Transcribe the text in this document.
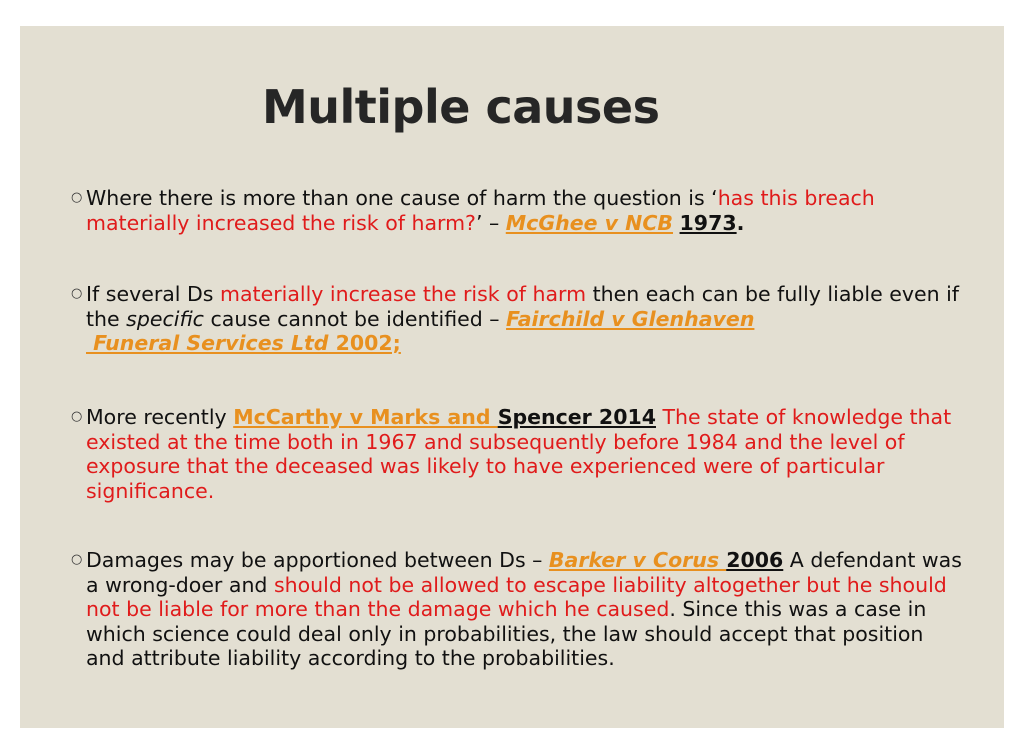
Multiple causes
○ Where there is more than one cause of harm the question is ‘has this breach materially increased the risk of harm?’ – McGhee v NCB 1973.
○ If several Ds materially increase the risk of harm then each can be fully liable even if the specific cause cannot be identified – Fairchild v Glenhaven
Funeral Services Ltd 2002;
○ More recently McCarthy v Marks and Spencer 2014 The state of knowledge that existed at the time both in 1967 and subsequently before 1984 and the level of exposure that the deceased was likely to have experienced were of particular significance.
○ Damages may be apportioned between Ds – Barker v Corus 2006 A defendant was a wrong-doer and should not be allowed to escape liability altogether but he should not be liable for more than the damage which he caused. Since this was a case in which science could deal only in probabilities, the law should accept that position and attribute liability according to the probabilities.
